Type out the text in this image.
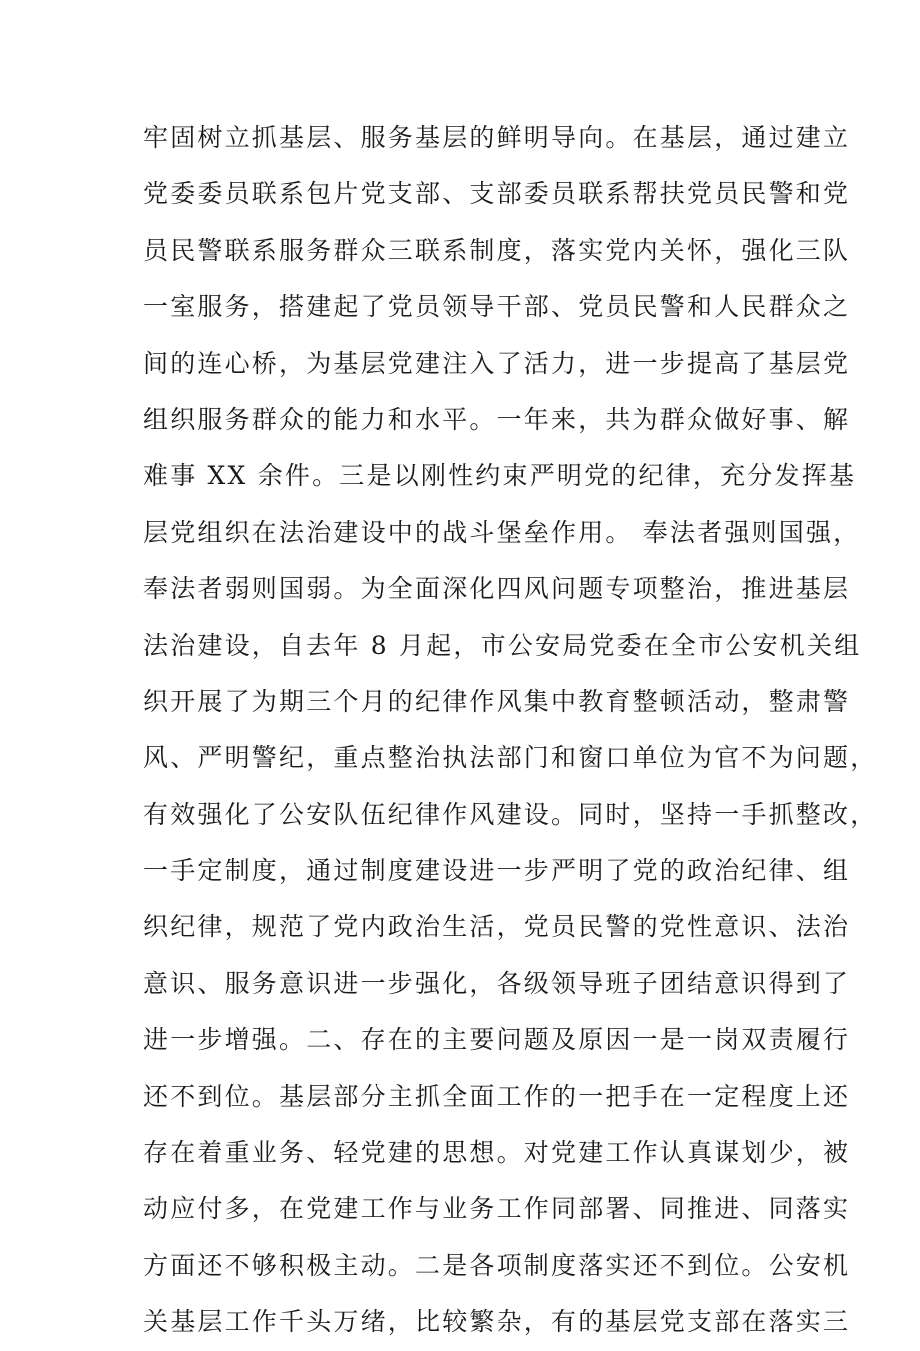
牢固树立抓基层、服务基层的鲜明导向。在基层，通过建立
党委委员联系包片党支部、支部委员联系帮扶党员民警和党
员民警联系服务群众三联系制度，落实党内关怀，强化三队
一室服务，搭建起了党员领导干部、党员民警和人民群众之
间的连心桥，为基层党建注入了活力，进一步提高了基层党
组织服务群众的能力和水平。一年来，共为群众做好事、解
难事 XX 余件。三是以刚性约束严明党的纪律，充分发挥基
层党组织在法治建设中的战斗堡垒作用。 奉法者强则国强，
奉法者弱则国弱。为全面深化四风问题专项整治，推进基层
法治建设，自去年 8 月起，市公安局党委在全市公安机关组
织开展了为期三个月的纪律作风集中教育整顿活动，整肃警
风、严明警纪，重点整治执法部门和窗口单位为官不为问题，
有效强化了公安队伍纪律作风建设。同时，坚持一手抓整改，
一手定制度，通过制度建设进一步严明了党的政治纪律、组
织纪律，规范了党内政治生活，党员民警的党性意识、法治
意识、服务意识进一步强化，各级领导班子团结意识得到了
进一步增强。二、存在的主要问题及原因一是一岗双责履行
还不到位。基层部分主抓全面工作的一把手在一定程度上还
存在着重业务、轻党建的思想。对党建工作认真谋划少，被
动应付多，在党建工作与业务工作同部署、同推进、同落实
方面还不够积极主动。二是各项制度落实还不到位。公安机
关基层工作千头万绪，比较繁杂，有的基层党支部在落实三
